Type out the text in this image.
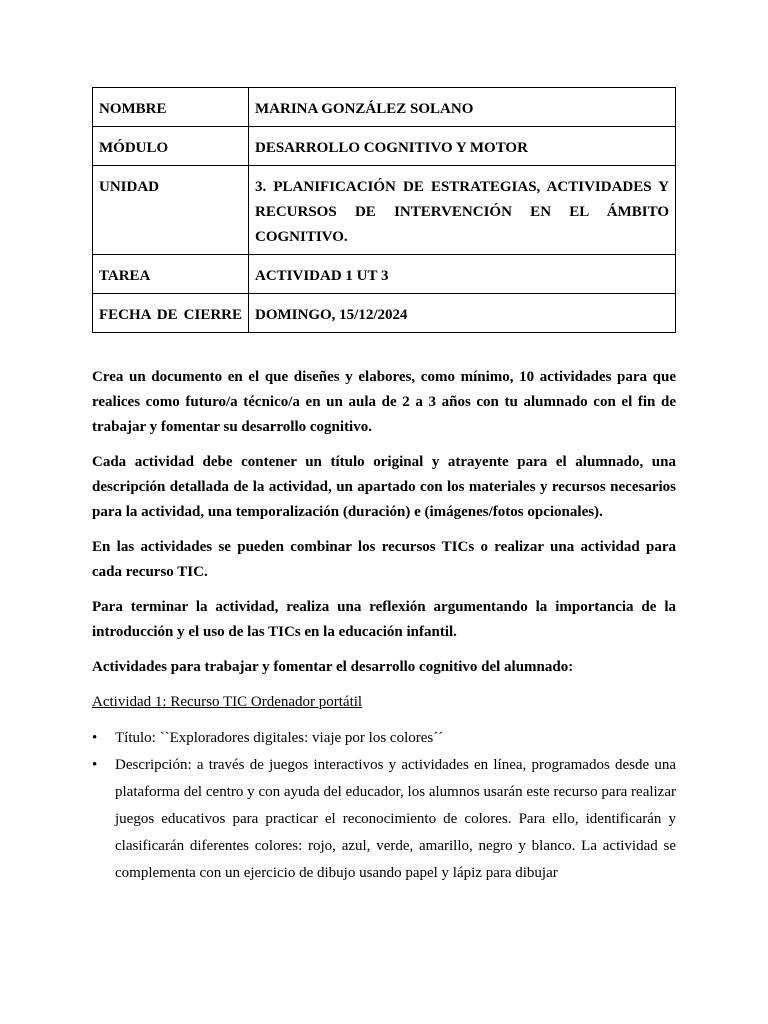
NOMBRE	MARINA GONZÁLEZ SOLANO
MÓDULO	DESARROLLO COGNITIVO Y MOTOR
UNIDAD	3. PLANIFICACIÓN DE ESTRATEGIAS, ACTIVIDADES Y RECURSOS DE INTERVENCIÓN EN EL ÁMBITO COGNITIVO.
TAREA	ACTIVIDAD 1 UT 3
FECHA DE CIERRE	DOMINGO, 15/12/2024

Crea un documento en el que diseñes y elabores, como mínimo, 10 actividades para que realices como futuro/a técnico/a en un aula de 2 a 3 años con tu alumnado con el fin de trabajar y fomentar su desarrollo cognitivo.

Cada actividad debe contener un título original y atrayente para el alumnado, una descripción detallada de la actividad, un apartado con los materiales y recursos necesarios para la actividad, una temporalización (duración) e (imágenes/fotos opcionales).

En las actividades se pueden combinar los recursos TICs o realizar una actividad para cada recurso TIC.

Para terminar la actividad, realiza una reflexión argumentando la importancia de la introducción y el uso de las TICs en la educación infantil.

Actividades para trabajar y fomentar el desarrollo cognitivo del alumnado:

Actividad 1: Recurso TIC Ordenador portátil

• Título: ``Exploradores digitales: viaje por los colores´´
• Descripción: a través de juegos interactivos y actividades en línea, programados desde una plataforma del centro y con ayuda del educador, los alumnos usarán este recurso para realizar juegos educativos para practicar el reconocimiento de colores. Para ello, identificarán y clasificarán diferentes colores: rojo, azul, verde, amarillo, negro y blanco. La actividad se complementa con un ejercicio de dibujo usando papel y lápiz para dibujar
